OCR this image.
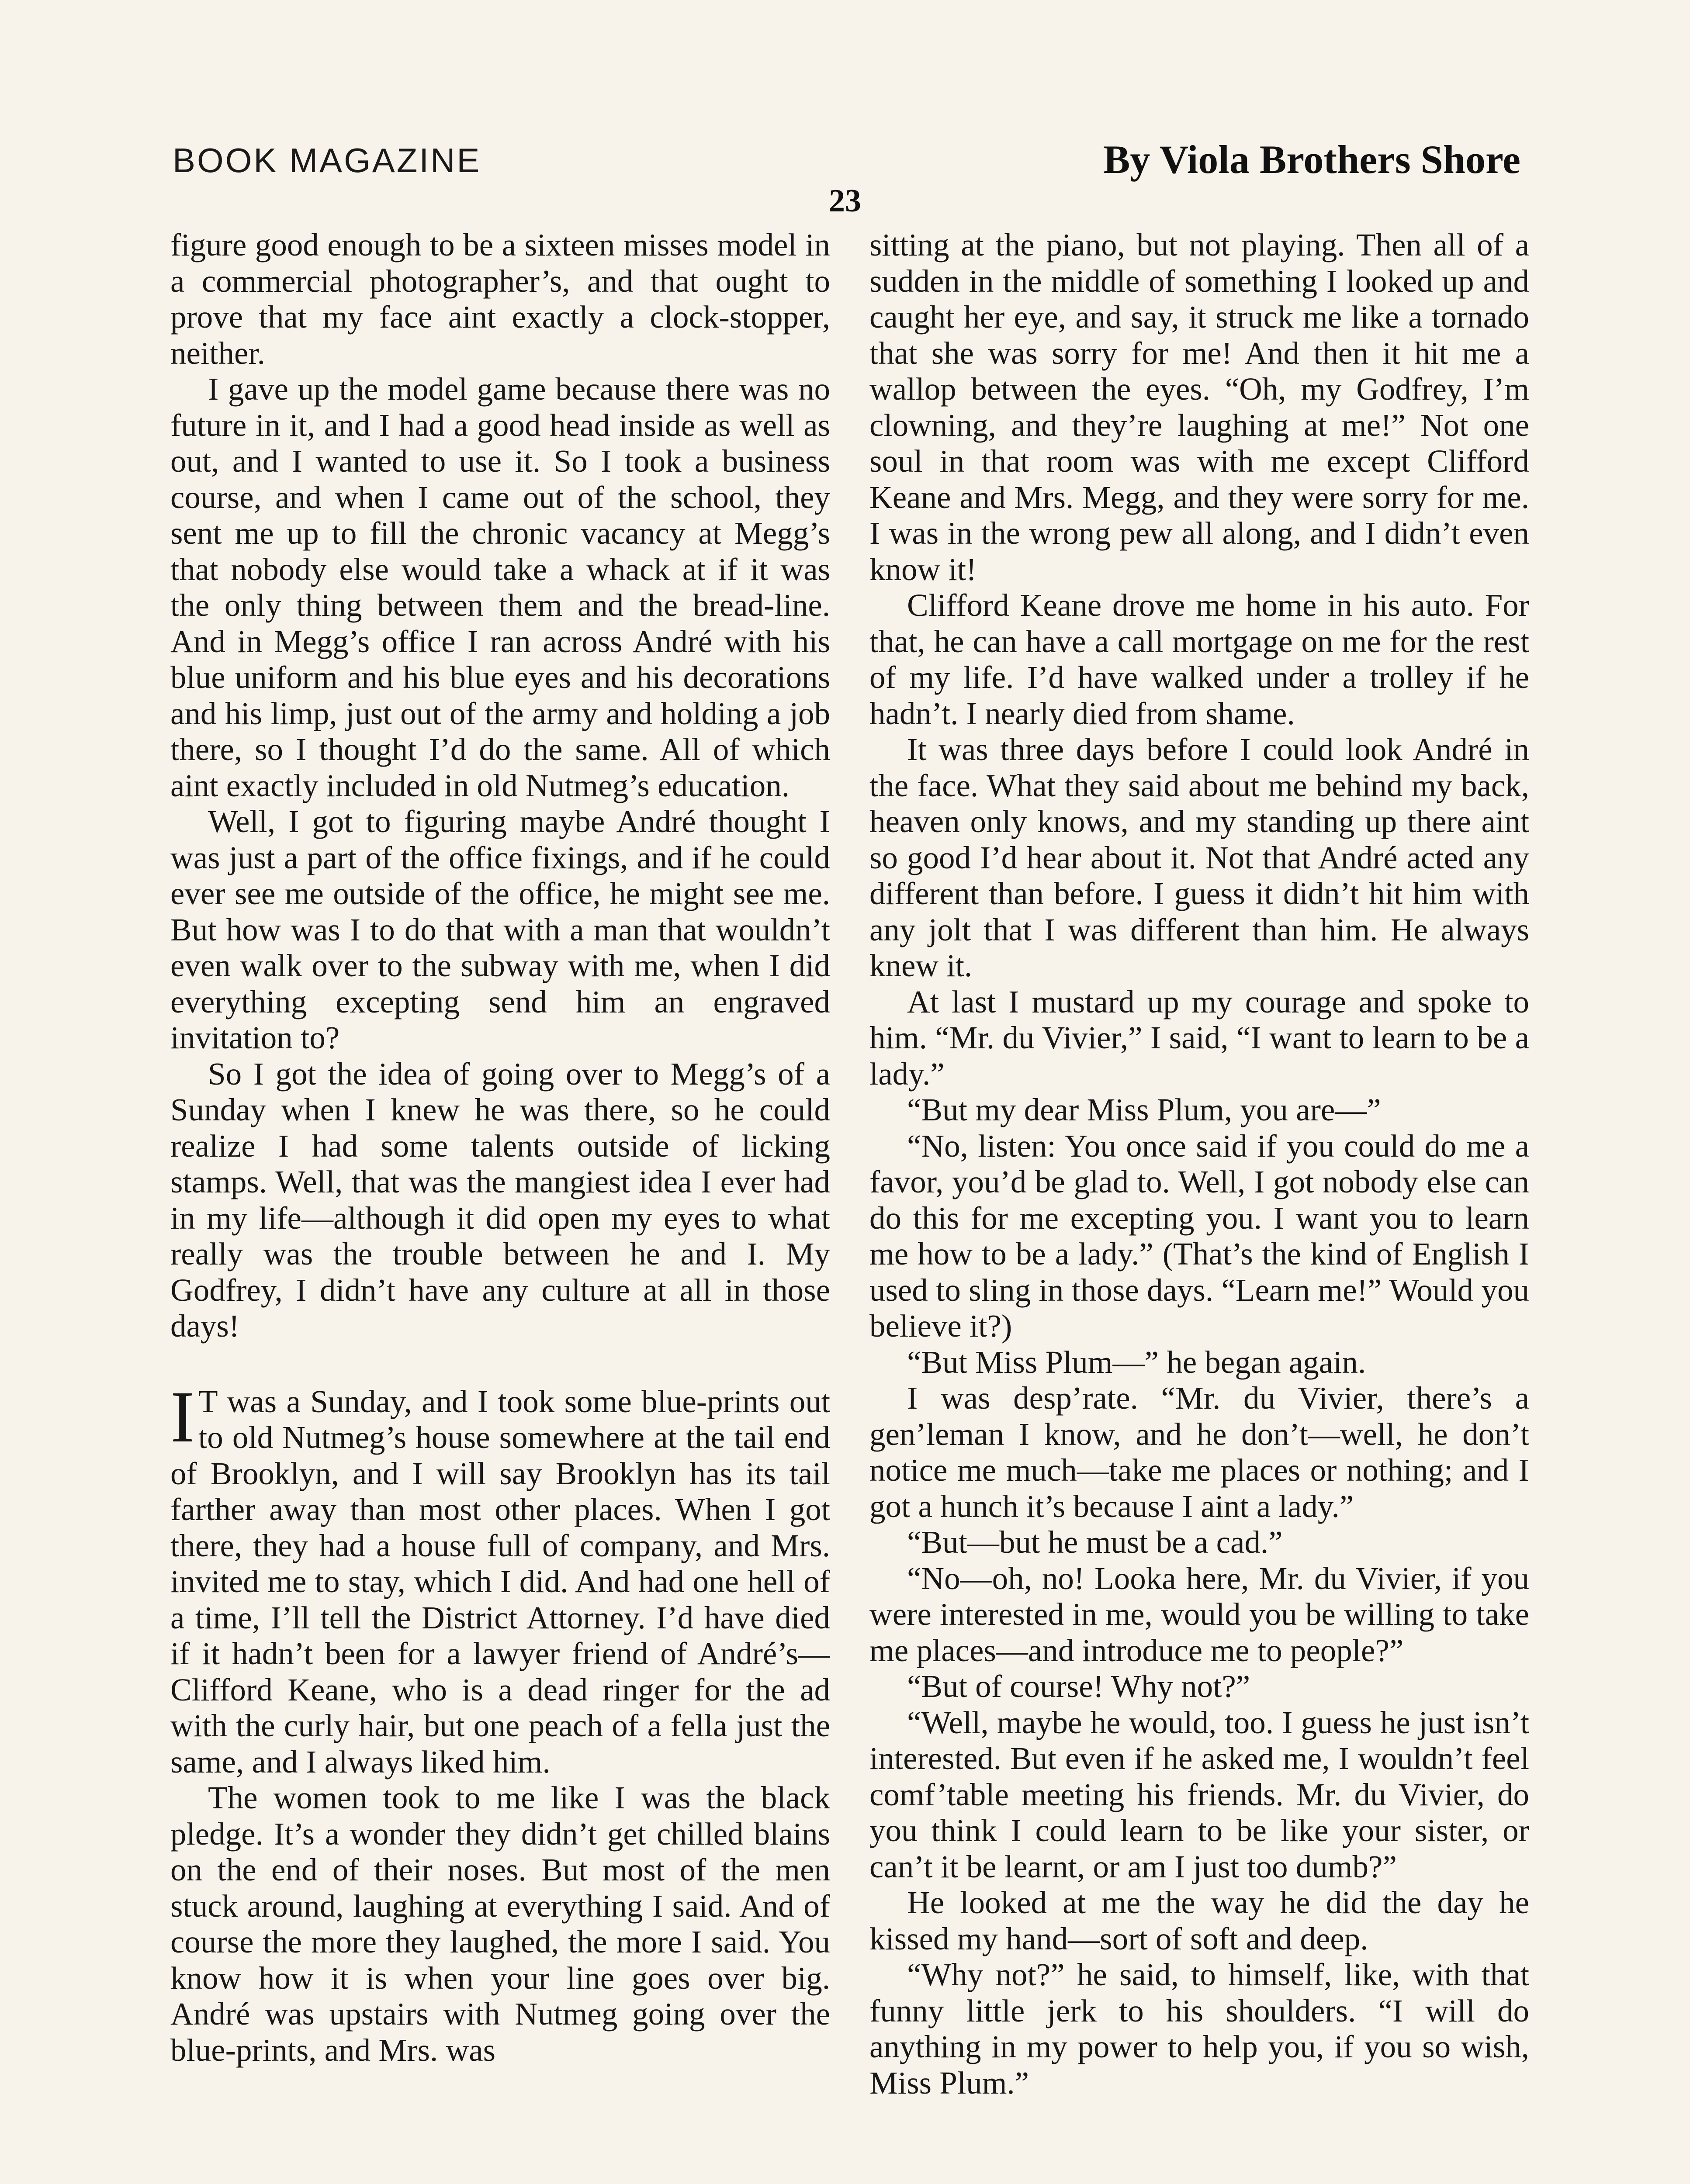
BOOK MAGAZINE	By Viola Brothers Shore
23

figure good enough to be a sixteen misses model in a commercial photographer’s, and that ought to prove that my face aint exactly a clock-stopper, neither.

I gave up the model game because there was no future in it, and I had a good head inside as well as out, and I wanted to use it. So I took a business course, and when I came out of the school, they sent me up to fill the chronic vacancy at Megg’s that nobody else would take a whack at if it was the only thing between them and the bread-line. And in Megg’s office I ran across André with his blue uniform and his blue eyes and his decorations and his limp, just out of the army and holding a job there, so I thought I’d do the same. All of which aint exactly included in old Nutmeg’s education.

Well, I got to figuring maybe André thought I was just a part of the office fixings, and if he could ever see me outside of the office, he might see me. But how was I to do that with a man that wouldn’t even walk over to the subway with me, when I did everything excepting send him an engraved invitation to?

So I got the idea of going over to Megg’s of a Sunday when I knew he was there, so he could realize I had some talents outside of licking stamps. Well, that was the mangiest idea I ever had in my life—although it did open my eyes to what really was the trouble between he and I. My Godfrey, I didn’t have any culture at all in those days!

I T was a Sunday, and I took some blue-prints out to old Nutmeg’s house somewhere at the tail end of Brooklyn, and I will say Brooklyn has its tail farther away than most other places. When I got there, they had a house full of company, and Mrs. invited me to stay, which I did. And had one hell of a time, I’ll tell the District Attorney. I’d have died if it hadn’t been for a lawyer friend of André’s—Clifford Keane, who is a dead ringer for the ad with the curly hair, but one peach of a fella just the same, and I always liked him.

The women took to me like I was the black pledge. It’s a wonder they didn’t get chilled blains on the end of their noses. But most of the men stuck around, laughing at everything I said. And of course the more they laughed, the more I said. You know how it is when your line goes over big. André was upstairs with Nutmeg going over the blue-prints, and Mrs. was

sitting at the piano, but not playing. Then all of a sudden in the middle of something I looked up and caught her eye, and say, it struck me like a tornado that she was sorry for me! And then it hit me a wallop between the eyes. “Oh, my Godfrey, I’m clowning, and they’re laughing at me!” Not one soul in that room was with me except Clifford Keane and Mrs. Megg, and they were sorry for me. I was in the wrong pew all along, and I didn’t even know it!

Clifford Keane drove me home in his auto. For that, he can have a call mortgage on me for the rest of my life. I’d have walked under a trolley if he hadn’t. I nearly died from shame.

It was three days before I could look André in the face. What they said about me behind my back, heaven only knows, and my standing up there aint so good I’d hear about it. Not that André acted any different than before. I guess it didn’t hit him with any jolt that I was different than him. He always knew it.

At last I mustard up my courage and spoke to him. “Mr. du Vivier,” I said, “I want to learn to be a lady.”

“But my dear Miss Plum, you are—”

“No, listen: You once said if you could do me a favor, you’d be glad to. Well, I got nobody else can do this for me excepting you. I want you to learn me how to be a lady.” (That’s the kind of English I used to sling in those days. “Learn me!” Would you believe it?)

“But Miss Plum—” he began again.

I was desp’rate. “Mr. du Vivier, there’s a gen’leman I know, and he don’t—well, he don’t notice me much—take me places or nothing; and I got a hunch it’s because I aint a lady.”

“But—but he must be a cad.”

“No—oh, no! Looka here, Mr. du Vivier, if you were interested in me, would you be willing to take me places—and introduce me to people?”

“But of course! Why not?”

“Well, maybe he would, too. I guess he just isn’t interested. But even if he asked me, I wouldn’t feel comf’table meeting his friends. Mr. du Vivier, do you think I could learn to be like your sister, or can’t it be learnt, or am I just too dumb?”

He looked at me the way he did the day he kissed my hand—sort of soft and deep.

“Why not?” he said, to himself, like, with that funny little jerk to his shoulders. “I will do anything in my power to help you, if you so wish, Miss Plum.”
